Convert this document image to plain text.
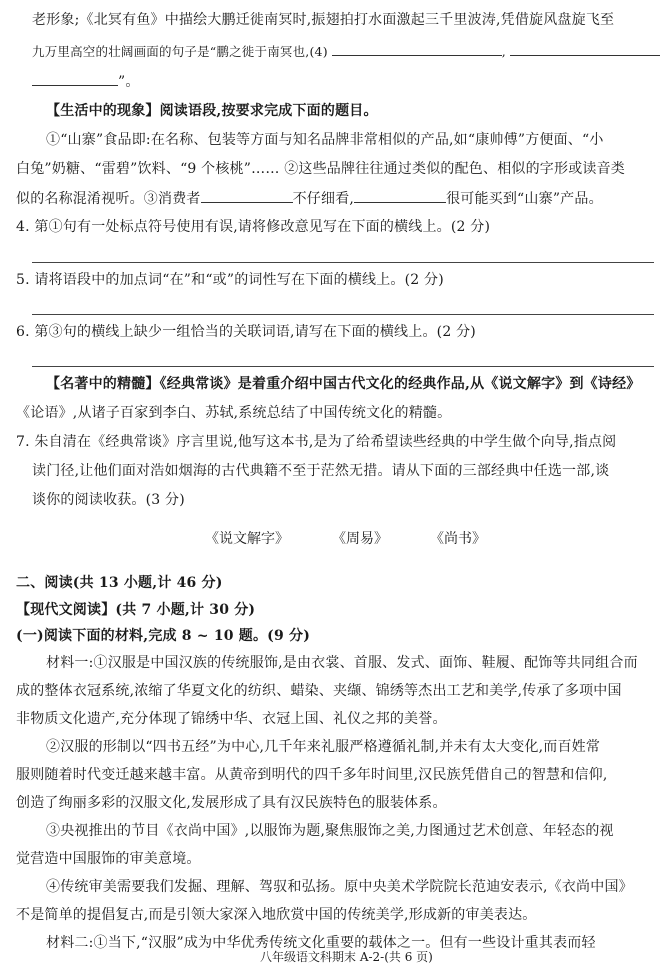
老形象;《北冥有鱼》中描绘大鹏迁徙南冥时,振翅拍打水面激起三千里波涛,凭借旋风盘旋飞至
九万里高空的壮阔画面的句子是“鹏之徙于南冥也,(4)	,
”。
【生活中的现象】阅读语段,按要求完成下面的题目。
①“山寨”食品即:在名称、包装等方面与知名品牌非常相似的产品,如“康帅傅”方便面、“小
白兔”奶糖、“雷碧”饮料、“9 个核桃”…… ②这些品牌往往通过类似的配色、相似的字形或读音类
似的名称混淆视听。③消费者	不仔细看,	很可能买到“山寨”产品。
4. 第①句有一处标点符号使用有误,请将修改意见写在下面的横线上。(2 分)
5. 请将语段中的加点词“在”和“或”的词性写在下面的横线上。(2 分)
6. 第③句的横线上缺少一组恰当的关联词语,请写在下面的横线上。(2 分)
【名著中的精髓】《经典常谈》是着重介绍中国古代文化的经典作品,从《说文解字》到《诗经》
《论语》,从诸子百家到李白、苏轼,系统总结了中国传统文化的精髓。
7. 朱自清在《经典常谈》序言里说,他写这本书,是为了给希望读些经典的中学生做个向导,指点阅
读门径,让他们面对浩如烟海的古代典籍不至于茫然无措。请从下面的三部经典中任选一部,谈
谈你的阅读收获。(3 分)
《说文解字》	《周易》	《尚书》
二、阅读(共 13 小题,计 46 分)
【现代文阅读】(共 7 小题,计 30 分)
(一)阅读下面的材料,完成 8 ~ 10 题。(9 分)
材料一:①汉服是中国汉族的传统服饰,是由衣裳、首服、发式、面饰、鞋履、配饰等共同组合而
成的整体衣冠系统,浓缩了华夏文化的纺织、蜡染、夹缬、锦绣等杰出工艺和美学,传承了多项中国
非物质文化遗产,充分体现了锦绣中华、衣冠上国、礼仪之邦的美誉。
②汉服的形制以“四书五经”为中心,几千年来礼服严格遵循礼制,并未有太大变化,而百姓常
服则随着时代变迁越来越丰富。从黄帝到明代的四千多年时间里,汉民族凭借自己的智慧和信仰,
创造了绚丽多彩的汉服文化,发展形成了具有汉民族特色的服装体系。
③央视推出的节目《衣尚中国》,以服饰为题,聚焦服饰之美,力图通过艺术创意、年轻态的视
觉营造中国服饰的审美意境。
④传统审美需要我们发掘、理解、驾驭和弘扬。原中央美术学院院长范迪安表示,《衣尚中国》
不是简单的提倡复古,而是引领大家深入地欣赏中国的传统美学,形成新的审美表达。
材料二:①当下,“汉服”成为中华优秀传统文化重要的载体之一。但有一些设计重其表而轻
八年级语文科期末 A-2-(共 6 页)
